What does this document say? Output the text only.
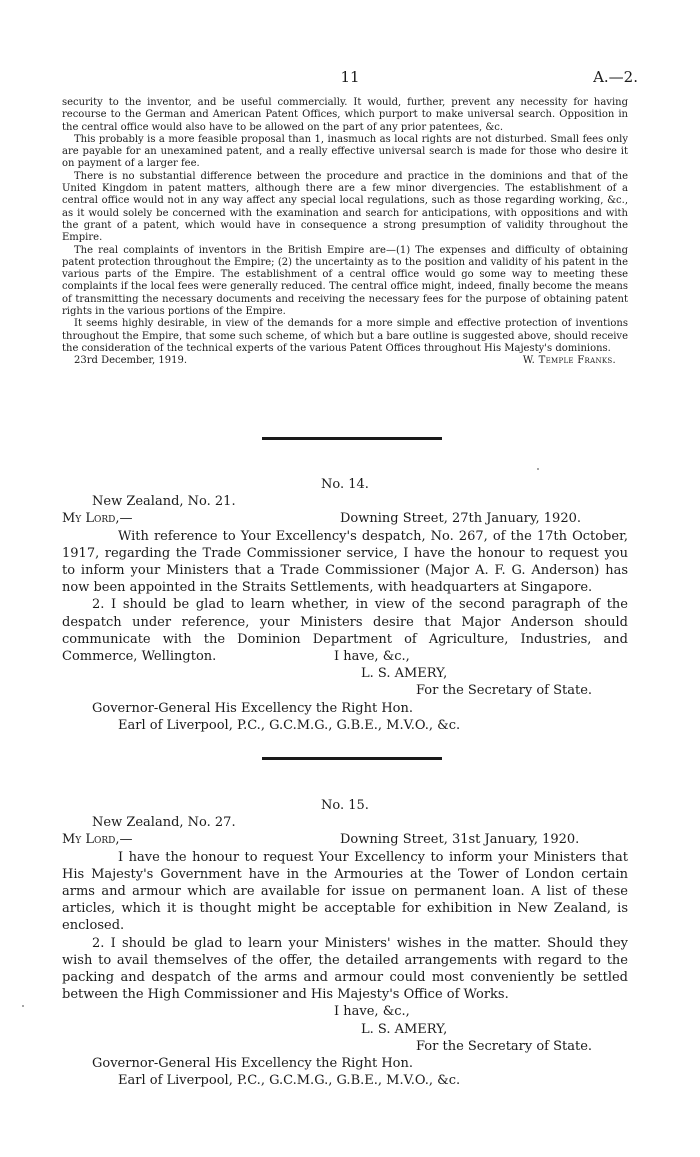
11	A.—2.

security to the inventor, and be useful commercially. It would, further, prevent any necessity for having recourse to the German and American Patent Offices, which purport to make universal search. Opposition in the central office would also have to be allowed on the part of any prior patentees, &c.

This probably is a more feasible proposal than 1, inasmuch as local rights are not disturbed. Small fees only are payable for an unexamined patent, and a really effective universal search is made for those who desire it on payment of a larger fee.

There is no substantial difference between the procedure and practice in the dominions and that of the United Kingdom in patent matters, although there are a few minor divergencies. The establishment of a central office would not in any way affect any special local regulations, such as those regarding working, &c., as it would solely be concerned with the examination and search for anticipations, with oppositions and with the grant of a patent, which would have in consequence a strong presumption of validity throughout the Empire.

The real complaints of inventors in the British Empire are—(1) The expenses and difficulty of obtaining patent protection throughout the Empire; (2) the uncertainty as to the position and validity of his patent in the various parts of the Empire. The establishment of a central office would go some way to meeting these complaints if the local fees were generally reduced. The central office might, indeed, finally become the means of transmitting the necessary documents and receiving the necessary fees for the purpose of obtaining patent rights in the various portions of the Empire.

It seems highly desirable, in view of the demands for a more simple and effective protection of inventions throughout the Empire, that some such scheme, of which but a bare outline is suggested above, should receive the consideration of the technical experts of the various Patent Offices throughout His Majesty's dominions.

23rd December, 1919.	W. Temple Franks.
No. 14.
New Zealand, No. 21.
My Lord,—	Downing Street, 27th January, 1920.

With reference to Your Excellency's despatch, No. 267, of the 17th October, 1917, regarding the Trade Commissioner service, I have the honour to request you to inform your Ministers that a Trade Commissioner (Major A. F. G. Anderson) has now been appointed in the Straits Settlements, with headquarters at Singapore.

2. I should be glad to learn whether, in view of the second paragraph of the despatch under reference, your Ministers desire that Major Anderson should communicate with the Dominion Department of Agriculture, Industries, and Commerce, Wellington.	I have, &c.,
L. S. AMERY,
For the Secretary of State.
Governor-General His Excellency the Right Hon.
Earl of Liverpool, P.C., G.C.M.G., G.B.E., M.V.O., &c.
No. 15.
New Zealand, No. 27.
My Lord,—	Downing Street, 31st January, 1920.

I have the honour to request Your Excellency to inform your Ministers that His Majesty's Government have in the Armouries at the Tower of London certain arms and armour which are available for issue on permanent loan. A list of these articles, which it is thought might be acceptable for exhibition in New Zealand, is enclosed.

2. I should be glad to learn your Ministers' wishes in the matter. Should they wish to avail themselves of the offer, the detailed arrangements with regard to the packing and despatch of the arms and armour could most conveniently be settled between the High Commissioner and His Majesty's Office of Works.

I have, &c.,
L. S. AMERY,
For the Secretary of State.
Governor-General His Excellency the Right Hon.
Earl of Liverpool, P.C., G.C.M.G., G.B.E., M.V.O., &c.
